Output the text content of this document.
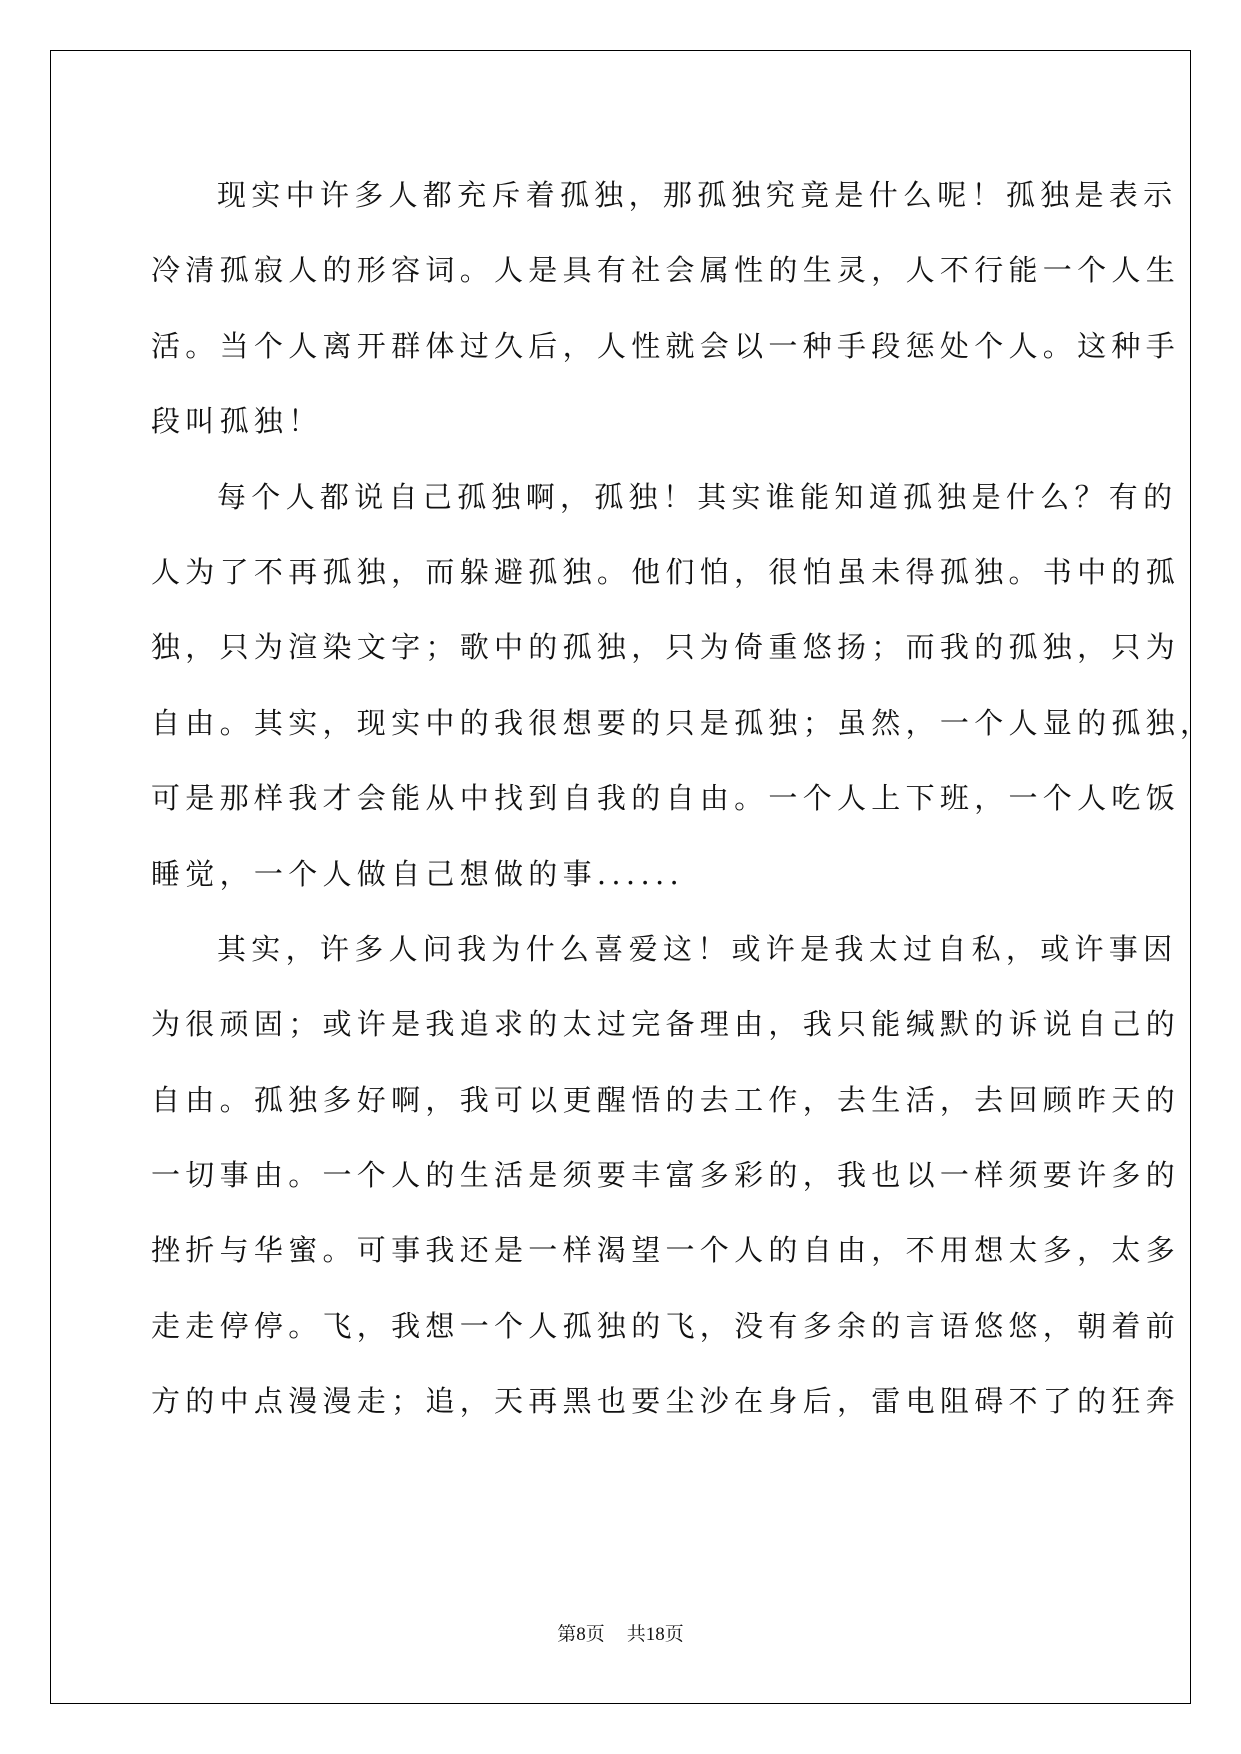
现实中许多人都充斥着孤独，那孤独究竟是什么呢！孤独是表示
冷清孤寂人的形容词。人是具有社会属性的生灵，人不行能一个人生
活。当个人离开群体过久后，人性就会以一种手段惩处个人。这种手
段叫孤独！
每个人都说自己孤独啊，孤独！其实谁能知道孤独是什么？有的
人为了不再孤独，而躲避孤独。他们怕，很怕虽未得孤独。书中的孤
独，只为渲染文字；歌中的孤独，只为倚重悠扬；而我的孤独，只为
自由。其实，现实中的我很想要的只是孤独；虽然，一个人显的孤独，
可是那样我才会能从中找到自我的自由。一个人上下班，一个人吃饭
睡觉，一个人做自己想做的事......
其实，许多人问我为什么喜爱这！或许是我太过自私，或许事因
为很顽固；或许是我追求的太过完备理由，我只能缄默的诉说自己的
自由。孤独多好啊，我可以更醒悟的去工作，去生活，去回顾昨天的
一切事由。一个人的生活是须要丰富多彩的，我也以一样须要许多的
挫折与华蜜。可事我还是一样渴望一个人的自由，不用想太多，太多
走走停停。飞，我想一个人孤独的飞，没有多余的言语悠悠，朝着前
方的中点漫漫走；追，天再黑也要尘沙在身后，雷电阻碍不了的狂奔
第8页 共18页
